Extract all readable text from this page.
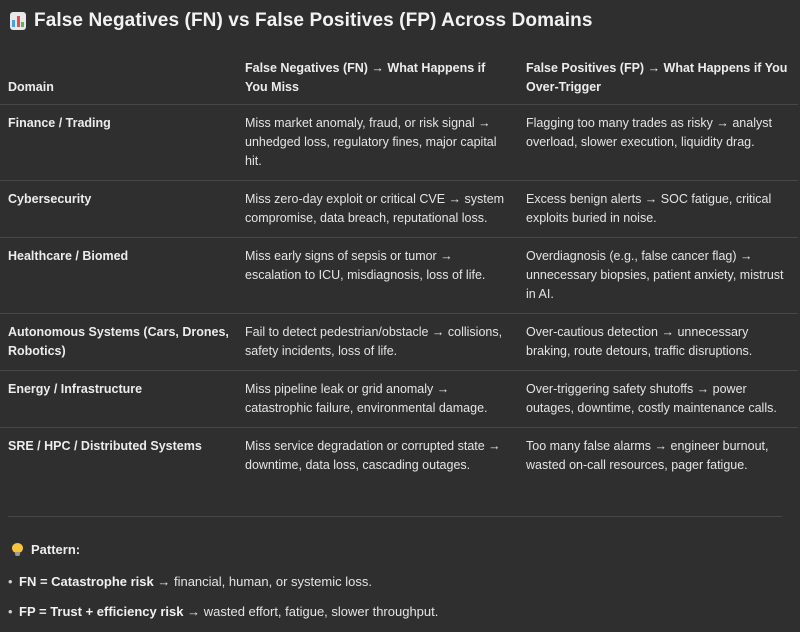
False Negatives (FN) vs False Positives (FP) Across Domains
Domain	False Negatives (FN) → What Happens if You Miss	False Positives (FP) → What Happens if You Over-Trigger
Finance / Trading	Miss market anomaly, fraud, or risk signal → unhedged loss, regulatory fines, major capital hit.	Flagging too many trades as risky → analyst overload, slower execution, liquidity drag.
Cybersecurity	Miss zero-day exploit or critical CVE → system compromise, data breach, reputational loss.	Excess benign alerts → SOC fatigue, critical exploits buried in noise.
Healthcare / Biomed	Miss early signs of sepsis or tumor → escalation to ICU, misdiagnosis, loss of life.	Overdiagnosis (e.g., false cancer flag) → unnecessary biopsies, patient anxiety, mistrust in AI.
Autonomous Systems (Cars, Drones, Robotics)	Fail to detect pedestrian/obstacle → collisions, safety incidents, loss of life.	Over-cautious detection → unnecessary braking, route detours, traffic disruptions.
Energy / Infrastructure	Miss pipeline leak or grid anomaly → catastrophic failure, environmental damage.	Over-triggering safety shutoffs → power outages, downtime, costly maintenance calls.
SRE / HPC / Distributed Systems	Miss service degradation or corrupted state → downtime, data loss, cascading outages.	Too many false alarms → engineer burnout, wasted on-call resources, pager fatigue.
Pattern:
• FN = Catastrophe risk → financial, human, or systemic loss.
• FP = Trust + efficiency risk → wasted effort, fatigue, slower throughput.
